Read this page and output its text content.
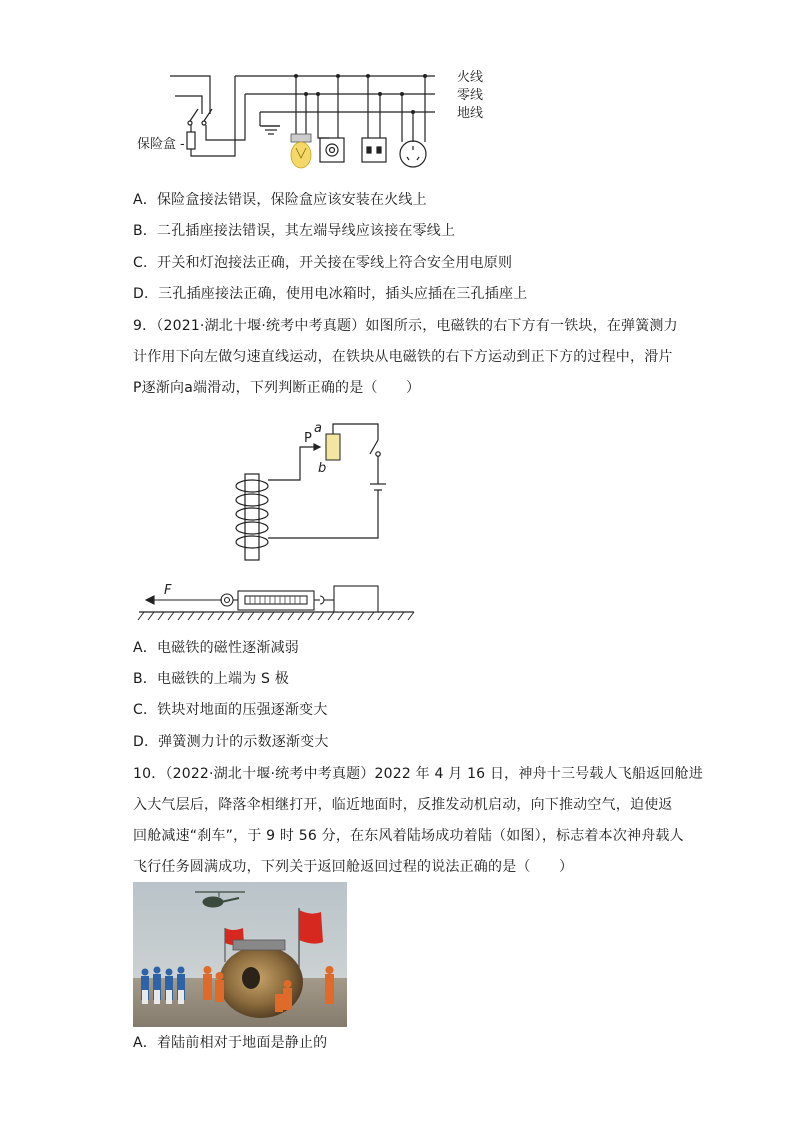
保险盒 -
火线
零线
地线
A．保险盒接法错误，保险盒应该安装在火线上
B．二孔插座接法错误，其左端导线应该接在零线上
C．开关和灯泡接法正确，开关接在零线上符合安全用电原则
D．三孔插座接法正确，使用电冰箱时，插头应插在三孔插座上
9．（2021·湖北十堰·统考中考真题）如图所示，电磁铁的右下方有一铁块，在弹簧测力
计作用下向左做匀速直线运动，在铁块从电磁铁的右下方运动到正下方的过程中，滑片
P逐渐向a端滑动，下列判断正确的是（　　）
P
a
b
F
A．电磁铁的磁性逐渐减弱
B．电磁铁的上端为 S 极
C．铁块对地面的压强逐渐变大
D．弹簧测力计的示数逐渐变大
10．（2022·湖北十堰·统考中考真题）2022 年 4 月 16 日，神舟十三号载人飞船返回舱进
入大气层后，降落伞相继打开，临近地面时，反推发动机启动，向下推动空气，迫使返
回舱减速“刹车”，于 9 时 56 分，在东风着陆场成功着陆（如图），标志着本次神舟载人
飞行任务圆满成功，下列关于返回舱返回过程的说法正确的是（　　）
A．着陆前相对于地面是静止的
